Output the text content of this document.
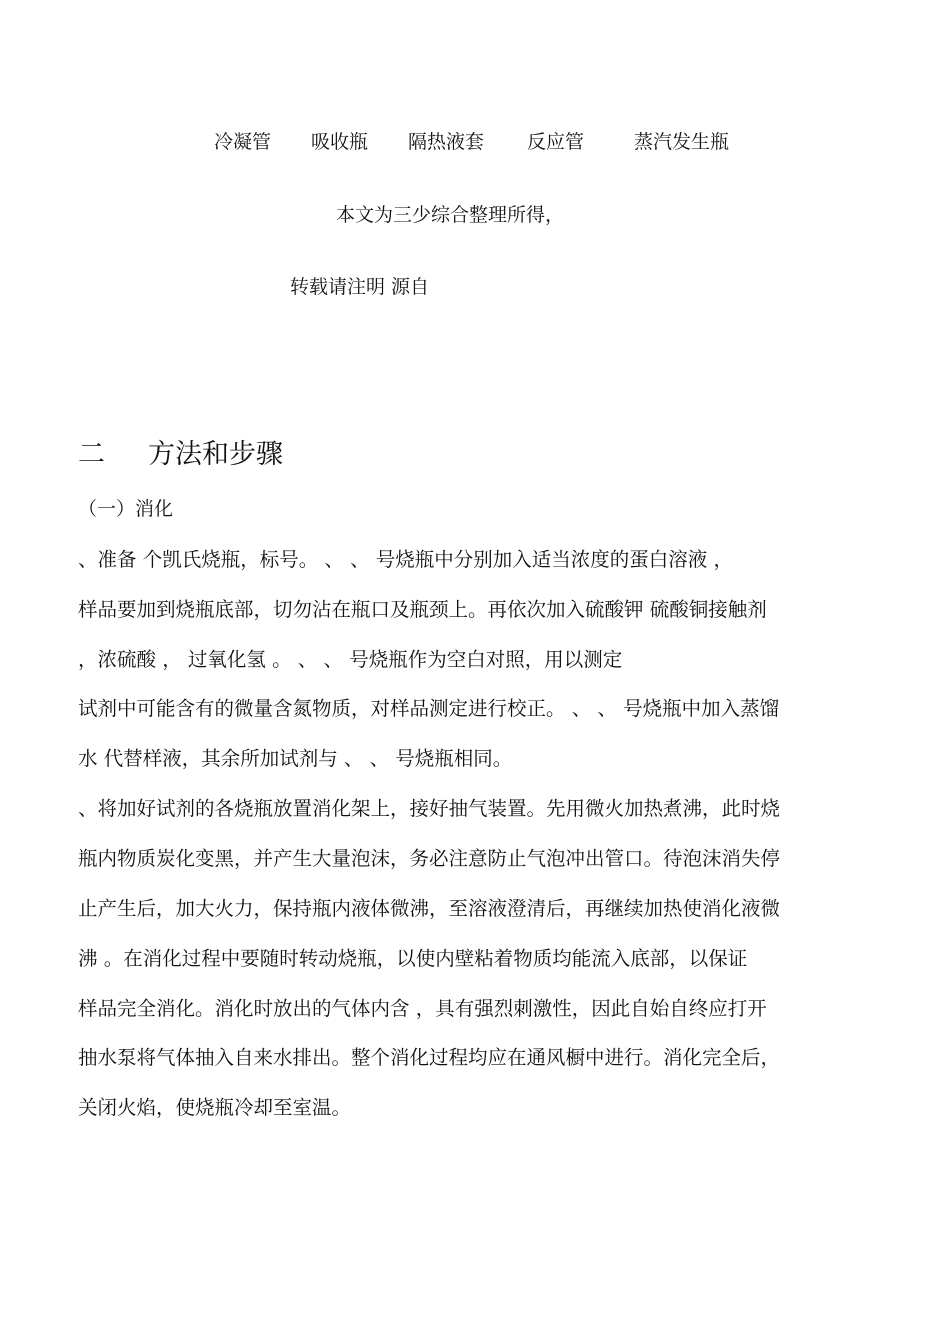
冷凝管 吸收瓶 隔热液套 反应管	蒸汽发生瓶
本文为三少综合整理所得，
转载请注明 源自
二 方法和步骤
（一）消化
、准备 个凯氏烧瓶，标号。 、 、 号烧瓶中分别加入适当浓度的蛋白溶液 ，
样品要加到烧瓶底部，切勿沾在瓶口及瓶颈上。再依次加入硫酸钾 硫酸铜接触剂
，浓硫酸 ， 过氧化氢 。 、 、 号烧瓶作为空白对照，用以测定
试剂中可能含有的微量含氮物质，对样品测定进行校正。 、 、 号烧瓶中加入蒸馏
水 代替样液，其余所加试剂与 、 、 号烧瓶相同。
、将加好试剂的各烧瓶放置消化架上，接好抽气装置。先用微火加热煮沸，此时烧
瓶内物质炭化变黑，并产生大量泡沫，务必注意防止气泡冲出管口。待泡沫消失停
止产生后，加大火力，保持瓶内液体微沸，至溶液澄清后，再继续加热使消化液微
沸 。在消化过程中要随时转动烧瓶，以使内壁粘着物质均能流入底部，以保证
样品完全消化。消化时放出的气体内含 ，具有强烈刺激性，因此自始自终应打开
抽水泵将气体抽入自来水排出。整个消化过程均应在通风橱中进行。消化完全后，
关闭火焰，使烧瓶冷却至室温。
